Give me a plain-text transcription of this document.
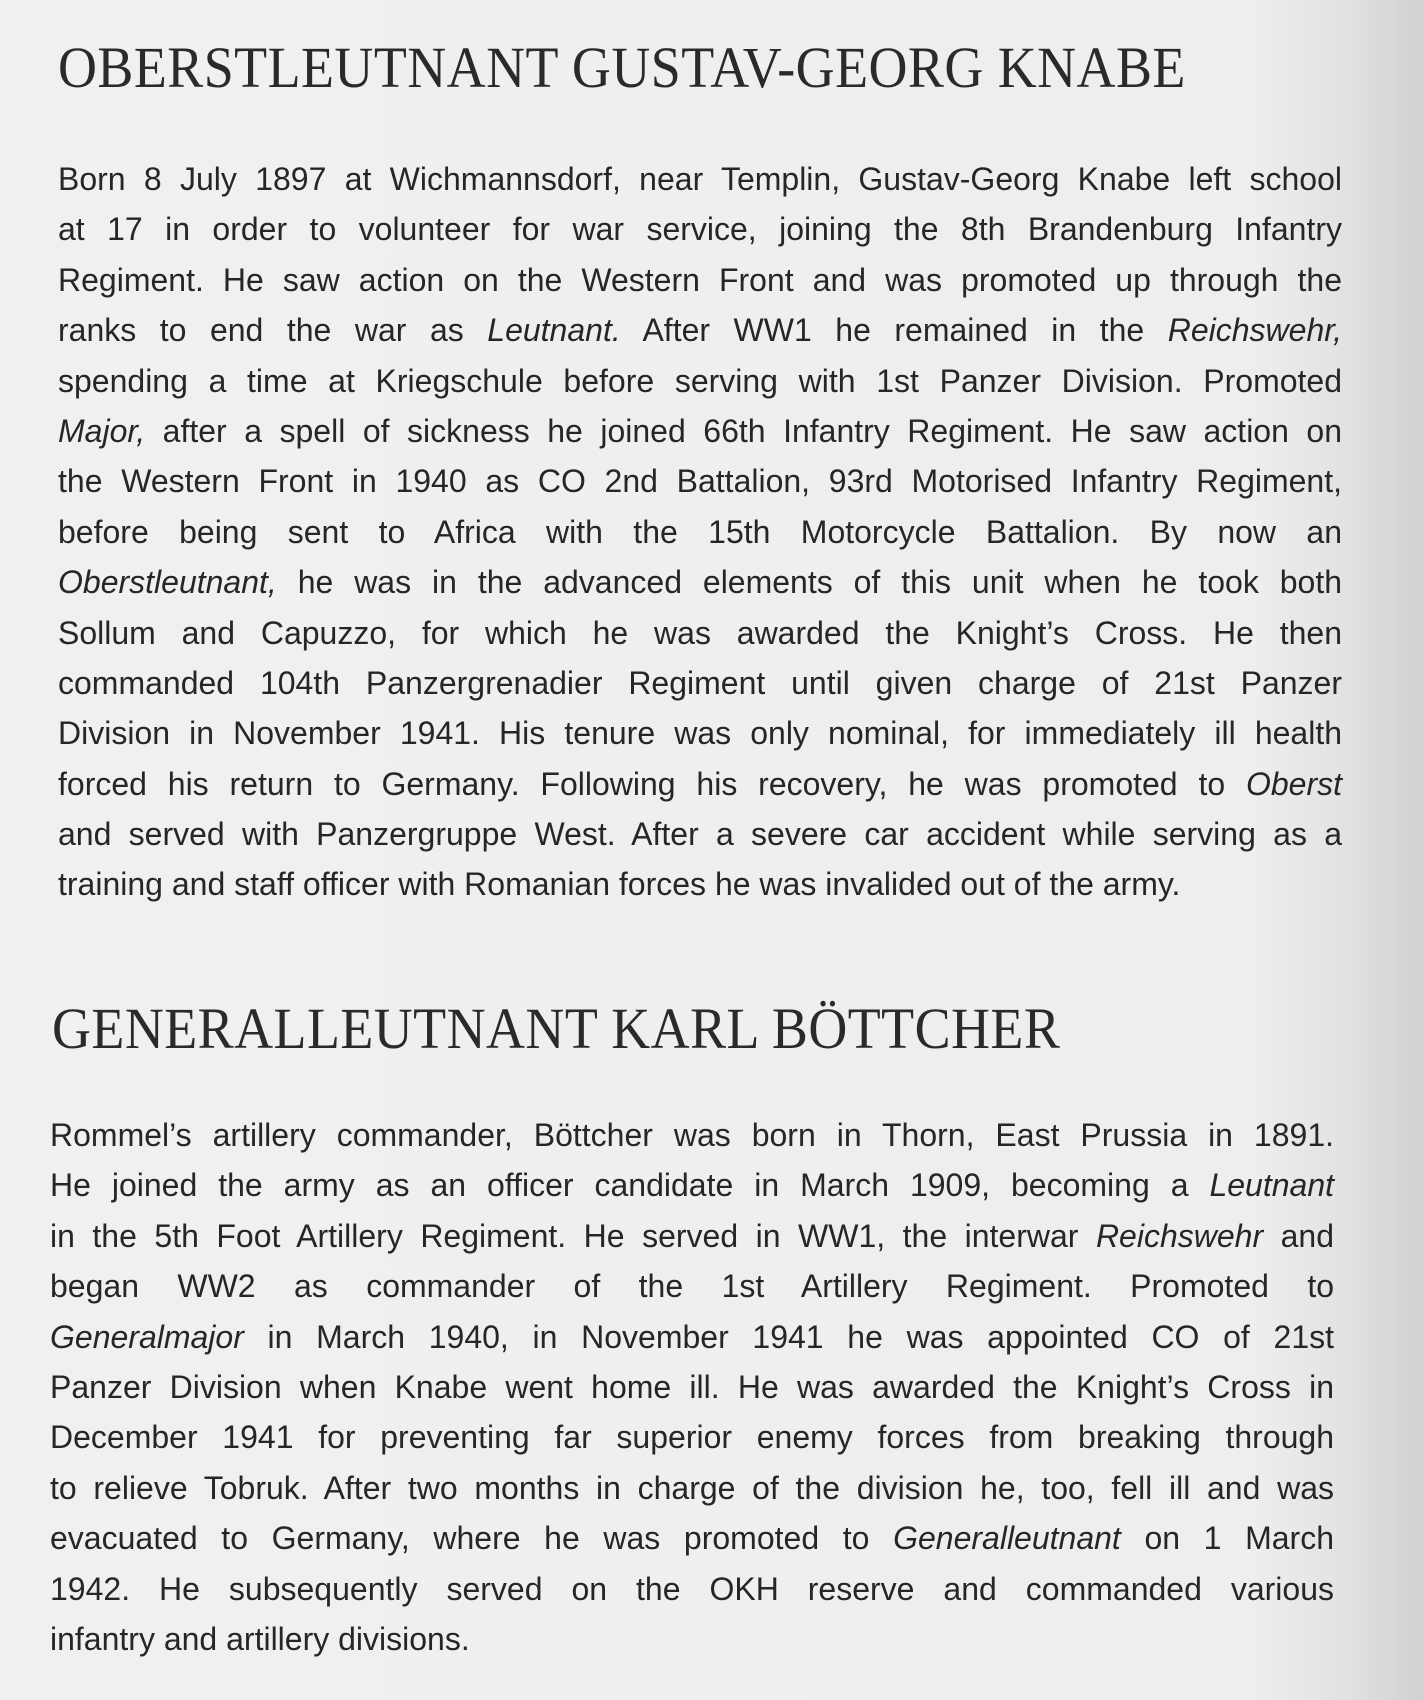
OBERSTLEUTNANT GUSTAV-GEORG KNABE
Born 8 July 1897 at Wichmannsdorf, near Templin, Gustav-Georg Knabe left school
at 17 in order to volunteer for war service, joining the 8th Brandenburg Infantry
Regiment. He saw action on the Western Front and was promoted up through the
ranks to end the war as Leutnant. After WW1 he remained in the Reichswehr,
spending a time at Kriegschule before serving with 1st Panzer Division. Promoted
Major, after a spell of sickness he joined 66th Infantry Regiment. He saw action on
the Western Front in 1940 as CO 2nd Battalion, 93rd Motorised Infantry Regiment,
before being sent to Africa with the 15th Motorcycle Battalion. By now an
Oberstleutnant, he was in the advanced elements of this unit when he took both
Sollum and Capuzzo, for which he was awarded the Knight’s Cross. He then
commanded 104th Panzergrenadier Regiment until given charge of 21st Panzer
Division in November 1941. His tenure was only nominal, for immediately ill health
forced his return to Germany. Following his recovery, he was promoted to Oberst
and served with Panzergruppe West. After a severe car accident while serving as a
training and staff officer with Romanian forces he was invalided out of the army.
GENERALLEUTNANT KARL BÖTTCHER
Rommel’s artillery commander, Böttcher was born in Thorn, East Prussia in 1891.
He joined the army as an officer candidate in March 1909, becoming a Leutnant
in the 5th Foot Artillery Regiment. He served in WW1, the interwar Reichswehr and
began WW2 as commander of the 1st Artillery Regiment. Promoted to
Generalmajor in March 1940, in November 1941 he was appointed CO of 21st
Panzer Division when Knabe went home ill. He was awarded the Knight’s Cross in
December 1941 for preventing far superior enemy forces from breaking through
to relieve Tobruk. After two months in charge of the division he, too, fell ill and was
evacuated to Germany, where he was promoted to Generalleutnant on 1 March
1942. He subsequently served on the OKH reserve and commanded various
infantry and artillery divisions.
